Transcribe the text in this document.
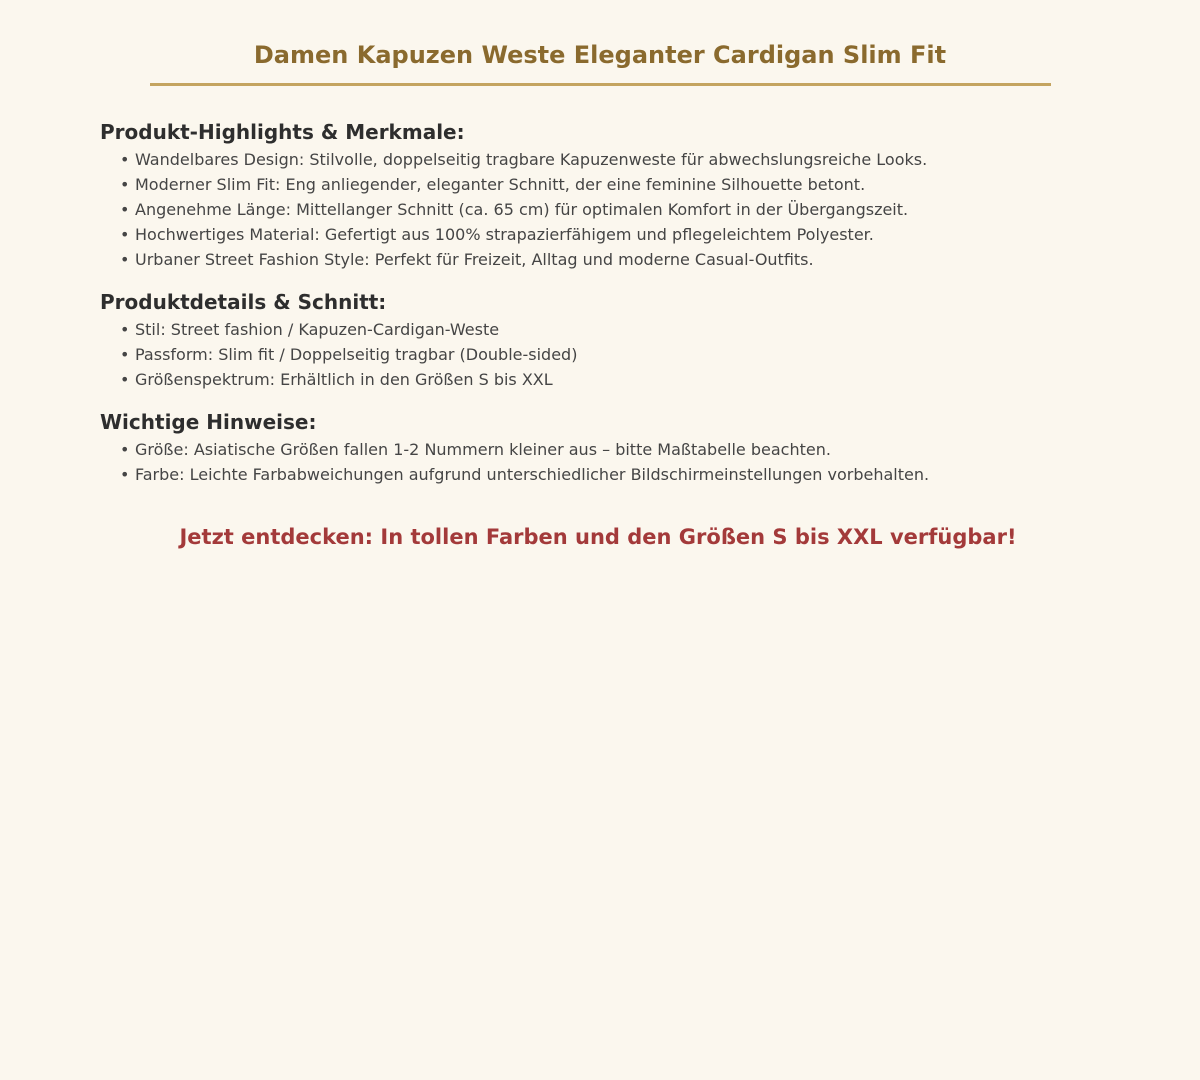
Damen Kapuzen Weste Eleganter Cardigan Slim Fit
Produkt-Highlights & Merkmale:
• Wandelbares Design: Stilvolle, doppelseitig tragbare Kapuzenweste für abwechslungsreiche Looks.
• Moderner Slim Fit: Eng anliegender, eleganter Schnitt, der eine feminine Silhouette betont.
• Angenehme Länge: Mittellanger Schnitt (ca. 65 cm) für optimalen Komfort in der Übergangszeit.
• Hochwertiges Material: Gefertigt aus 100% strapazierfähigem und pflegeleichtem Polyester.
• Urbaner Street Fashion Style: Perfekt für Freizeit, Alltag und moderne Casual-Outfits.
Produktdetails & Schnitt:
• Stil: Street fashion / Kapuzen-Cardigan-Weste
• Passform: Slim fit / Doppelseitig tragbar (Double-sided)
• Größenspektrum: Erhältlich in den Größen S bis XXL
Wichtige Hinweise:
• Größe: Asiatische Größen fallen 1-2 Nummern kleiner aus – bitte Maßtabelle beachten.
• Farbe: Leichte Farbabweichungen aufgrund unterschiedlicher Bildschirmeinstellungen vorbehalten.

Jetzt entdecken: In tollen Farben und den Größen S bis XXL verfügbar!
